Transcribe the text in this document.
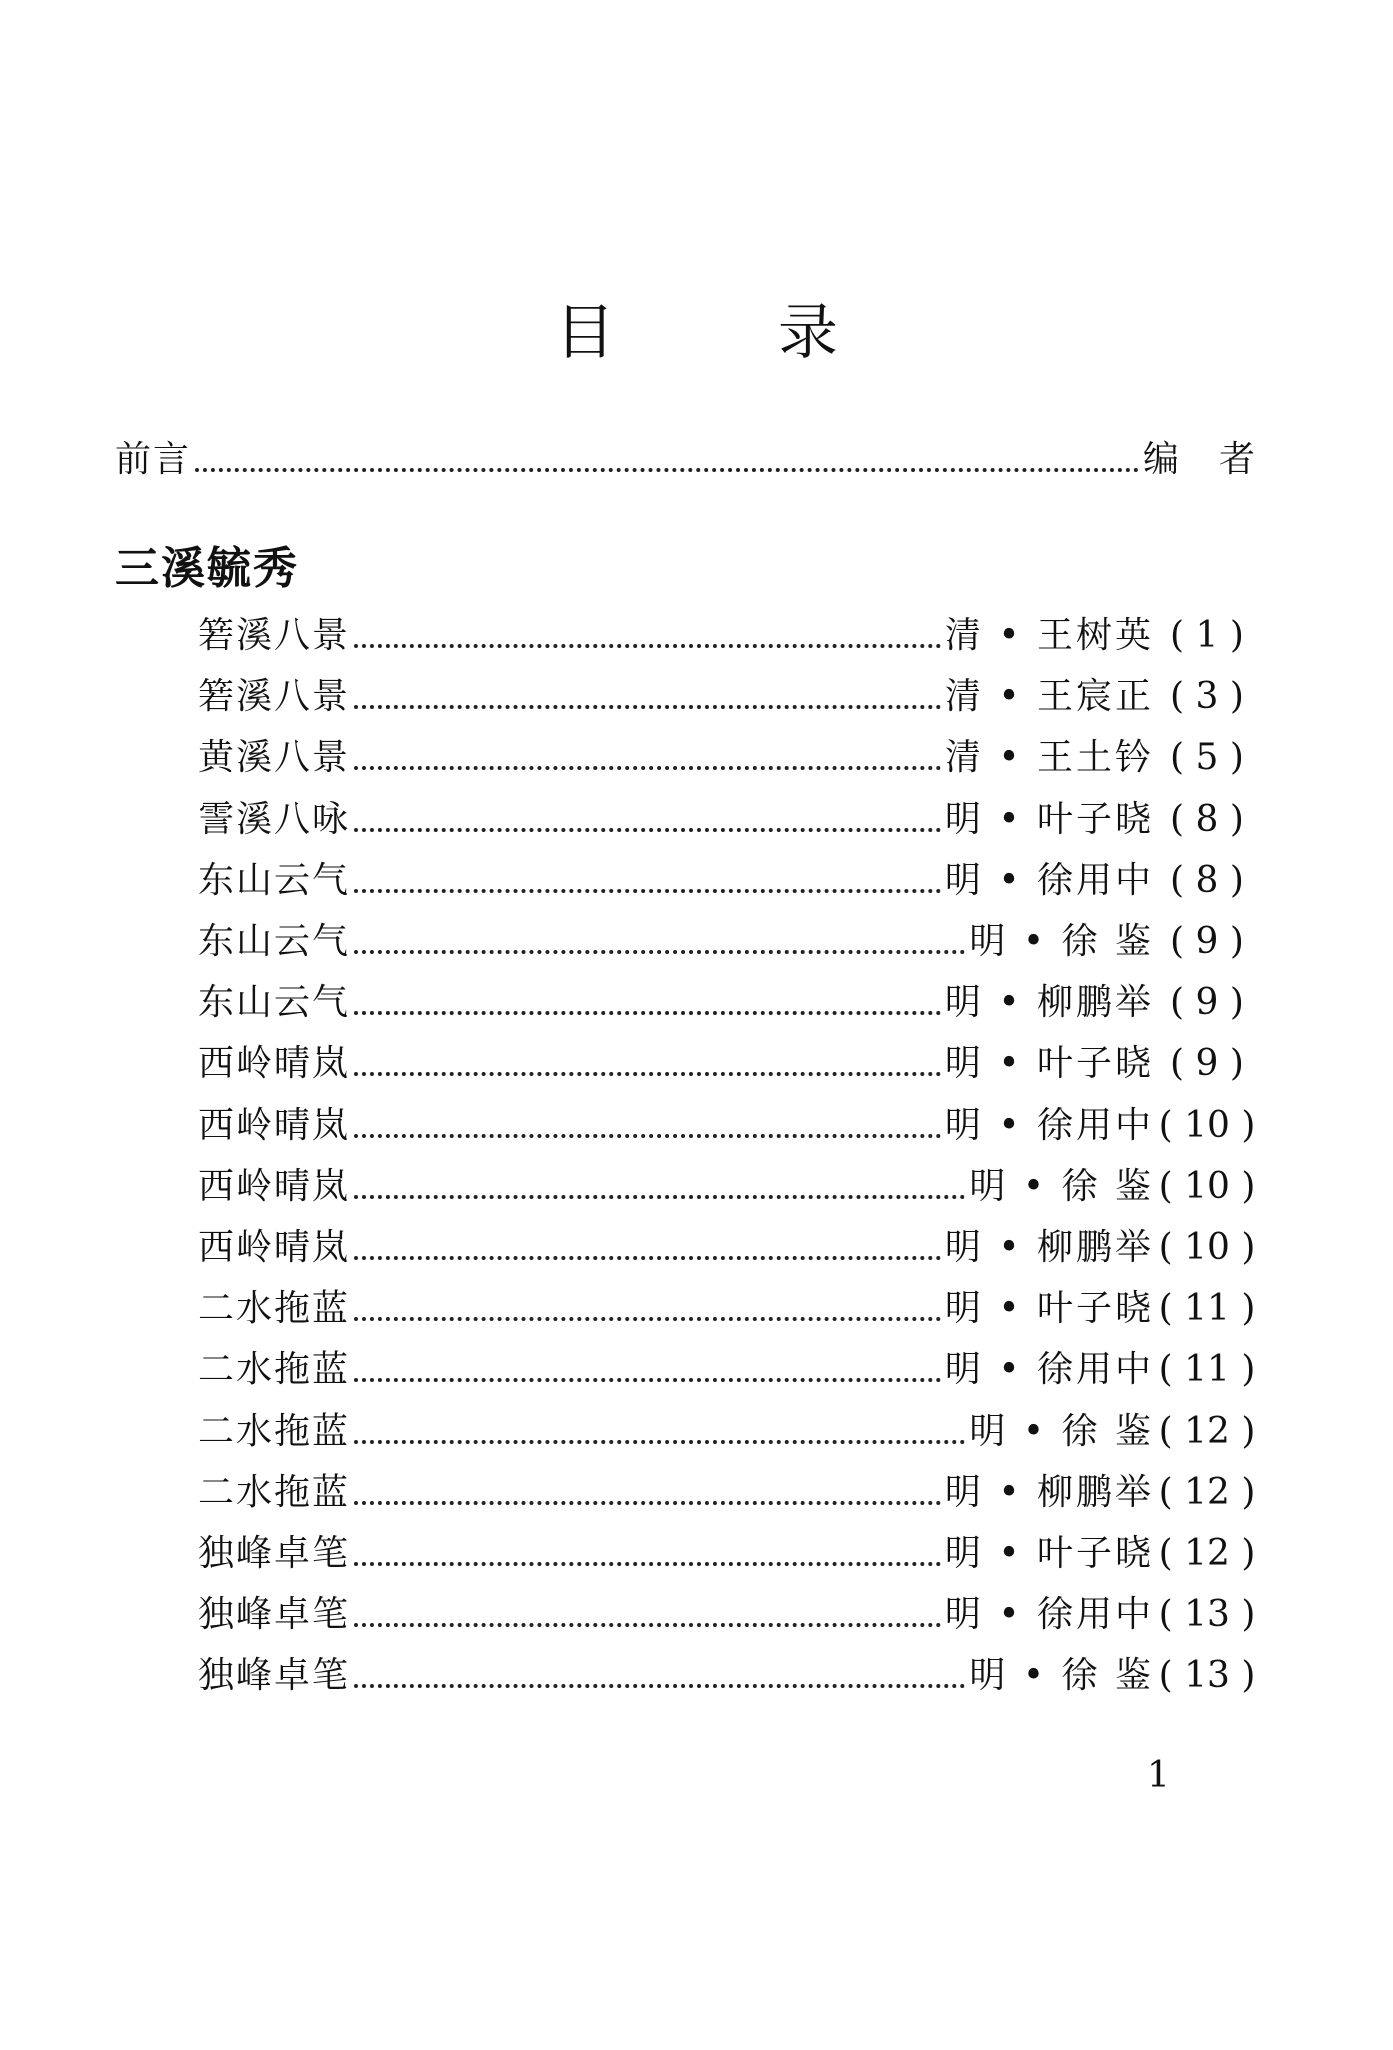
目 录
前言	编者
三溪毓秀
箬溪八景	清 • 王树英 ( 1 )
箬溪八景	清 • 王宸正 ( 3 )
黄溪八景	清 • 王土钤 ( 5 )
霅溪八咏	明 • 叶子晓 ( 8 )
东山云气	明 • 徐用中 ( 8 )
东山云气	明 • 徐 鉴 ( 9 )
东山云气	明 • 柳鹏举 ( 9 )
西岭晴岚	明 • 叶子晓 ( 9 )
西岭晴岚	明 • 徐用中 ( 10 )
西岭晴岚	明 • 徐 鉴 ( 10 )
西岭晴岚	明 • 柳鹏举 ( 10 )
二水拖蓝	明 • 叶子晓 ( 11 )
二水拖蓝	明 • 徐用中 ( 11 )
二水拖蓝	明 • 徐 鉴 ( 12 )
二水拖蓝	明 • 柳鹏举 ( 12 )
独峰卓笔	明 • 叶子晓 ( 12 )
独峰卓笔	明 • 徐用中 ( 13 )
独峰卓笔	明 • 徐 鉴 ( 13 )
1
